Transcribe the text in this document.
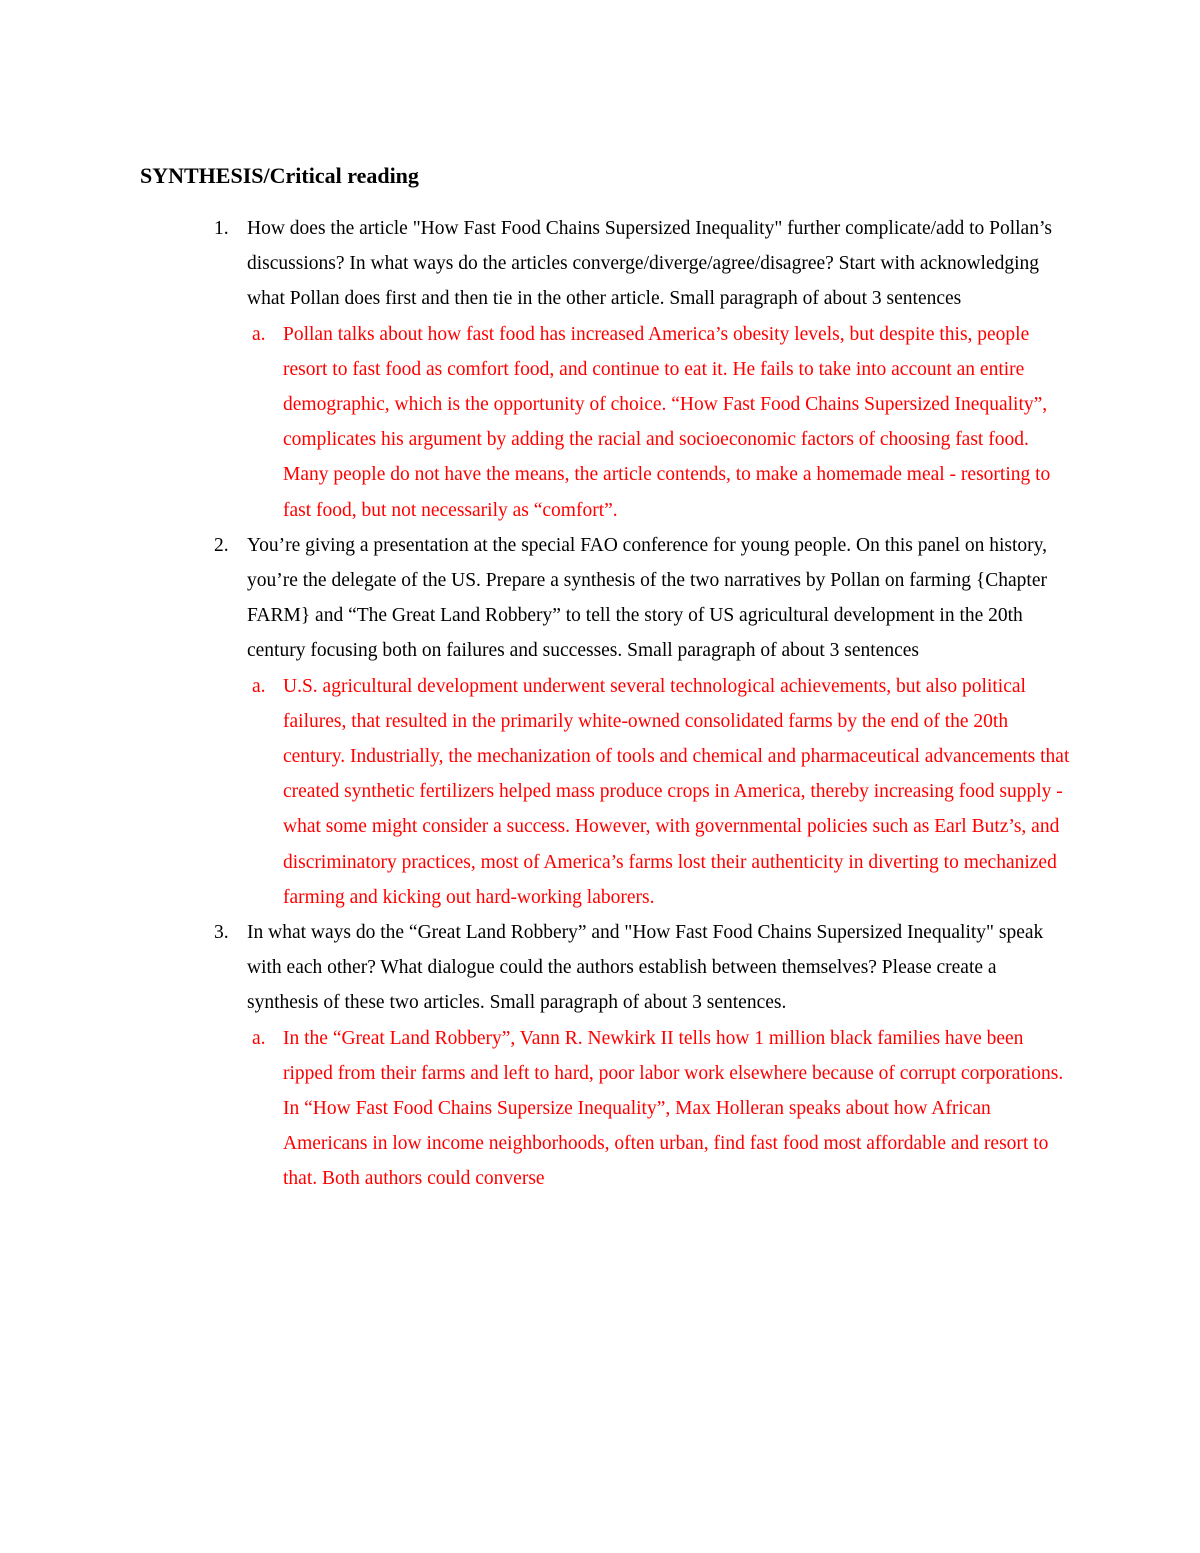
SYNTHESIS/Critical reading
1. How does the article "How Fast Food Chains Supersized Inequality" further complicate/add to Pollan’s discussions? In what ways do the articles converge/diverge/agree/disagree? Start with acknowledging what Pollan does first and then tie in the other article. Small paragraph of about 3 sentences
a. Pollan talks about how fast food has increased America’s obesity levels, but despite this, people resort to fast food as comfort food, and continue to eat it. He fails to take into account an entire demographic, which is the opportunity of choice. “How Fast Food Chains Supersized Inequality”, complicates his argument by adding the racial and socioeconomic factors of choosing fast food. Many people do not have the means, the article contends, to make a homemade meal - resorting to fast food, but not necessarily as “comfort”.
2. You’re giving a presentation at the special FAO conference for young people. On this panel on history, you’re the delegate of the US. Prepare a synthesis of the two narratives by Pollan on farming {Chapter FARM} and “The Great Land Robbery” to tell the story of US agricultural development in the 20th century focusing both on failures and successes. Small paragraph of about 3 sentences
a. U.S. agricultural development underwent several technological achievements, but also political failures, that resulted in the primarily white-owned consolidated farms by the end of the 20th century. Industrially, the mechanization of tools and chemical and pharmaceutical advancements that created synthetic fertilizers helped mass produce crops in America, thereby increasing food supply - what some might consider a success. However, with governmental policies such as Earl Butz’s, and discriminatory practices, most of America’s farms lost their authenticity in diverting to mechanized farming and kicking out hard-working laborers.
3. In what ways do the “Great Land Robbery” and "How Fast Food Chains Supersized Inequality" speak with each other? What dialogue could the authors establish between themselves? Please create a synthesis of these two articles. Small paragraph of about 3 sentences.
a. In the “Great Land Robbery”, Vann R. Newkirk II tells how 1 million black families have been ripped from their farms and left to hard, poor labor work elsewhere because of corrupt corporations. In “How Fast Food Chains Supersize Inequality”, Max Holleran speaks about how African Americans in low income neighborhoods, often urban, find fast food most affordable and resort to that. Both authors could converse
